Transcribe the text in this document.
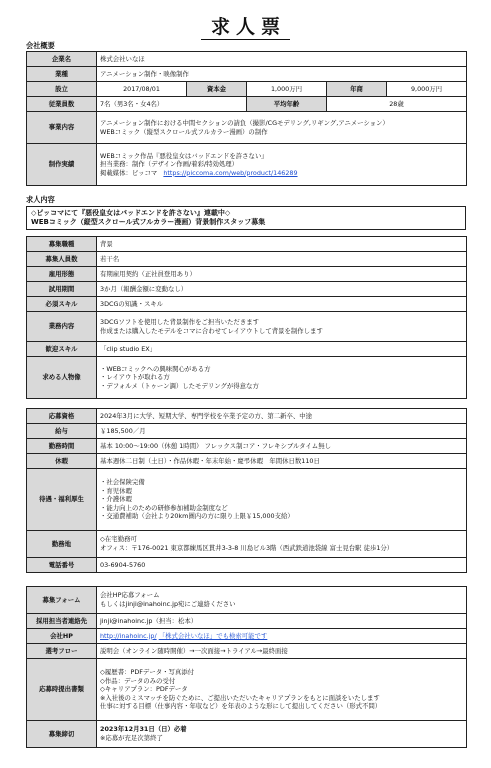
求人票
会社概要
企業名	株式会社いなほ				
業種	アニメーション制作・映像制作				
設立	2017/08/01	資本金	1,000万円	年商	9,000万円
従業員数	7名（男3名・女4名）		平均年齢	28歳	
事業内容	アニメーション制作における中間セクションの請負（撮影/CGモデリング,リギング,アニメーション）
WEBコミック（縦型スクロール式フルカラー漫画）の制作				

制作実績	WEBコミック作品『悪役皇女はバッドエンドを許さない』
担当業務：制作（デザイン作画/着彩/特効処理）
掲載媒体：ピッコマ https://piccoma.com/web/product/146289				
求人内容
◇ピッコマにて『悪役皇女はバッドエンドを許さない』連載中◇
WEBコミック（縦型スクロール式フルカラー漫画）背景制作スタッフ募集
募集職種	背景
募集人員数	若干名
雇用形態	有期雇用契約（正社員登用あり）
試用期間	3か月（報酬金額に変動なし）
必須スキル	3DCGの知識・スキル
業務内容	3DCGソフトを使用した背景制作をご担当いただきます
作成または購入したモデルをコマに合わせてレイアウトして背景を制作します

歓迎スキル	「clip studio EX」
求める人物像	・WEBコミックへの興味関心がある方
・レイアウトが取れる方
・デフォルメ（トゥーン調）したモデリングが得意な方
応募資格	2024年3月に大学、短期大学、専門学校を卒業予定の方、第二新卒、中途
給与	￥185,500／月
勤務時間	基本 10:00～19:00（休憩 1時間） フレックス制コア・フレキシブルタイム無し
休暇	基本週休二日制（土日）・作品休暇・年末年始・慶弔休暇　年間休日数110日
待遇・福利厚生	・社会保険完備
・育児休暇
・介護休暇
・能力向上のための研修参加補助金制度など
・交通費補助（会社より20km圏内の方に限り上限￥15,000支給）

勤務地	◇在宅勤務可
オフィス：〒176-0021 東京都練馬区貫井3-3-8 川島ビル3階（西武鉄道池袋線 富士見台駅 徒歩1分）

電話番号	03-6904-5760
募集フォーム	会社HP応募フォーム
もしくはjinji@inahoinc.jp宛にご連絡ください

採用担当者連絡先	jinji@inahoinc.jp（担当：松本）
会社HP	http://inahoinc.jp/ 「株式会社いなほ」でも検索可能です
選考フロー	説明会（オンライン随時開催）→一次面接→トライアル→最終面接
応募時提出書類	◇履歴書：PDFデータ・写真添付
◇作品：データのみの受付
◇キャリアプラン：PDFデータ
※入社後のミスマッチを防ぐために、ご提出いただいたキャリアプランをもとに面談をいたします
仕事に対する目標（仕事内容・年収など）を年表のような形にして提出してください（形式不問）

募集締切	2023年12月31日（日）必着
※応募が充足次第終了
